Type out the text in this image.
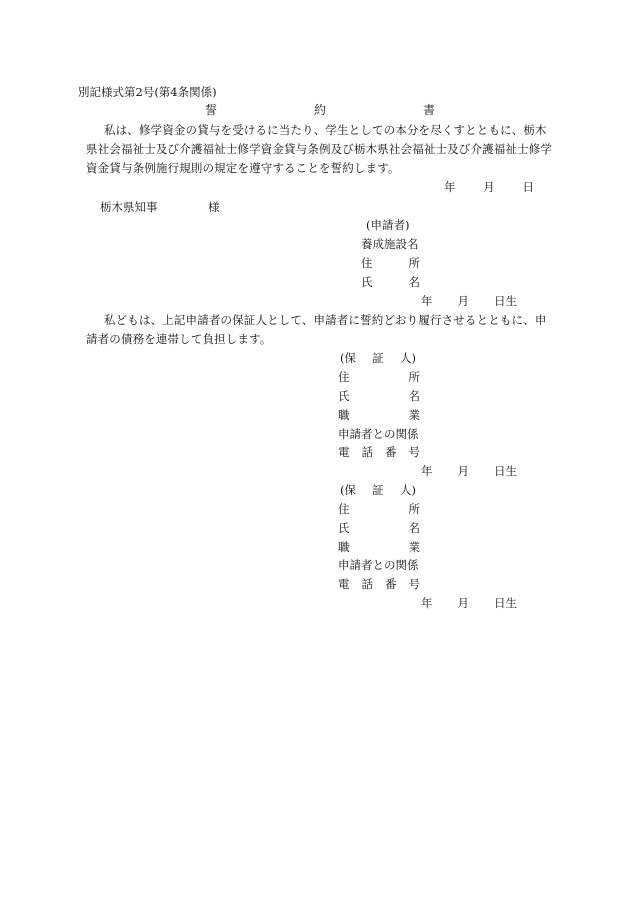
別記様式第2号(第4条関係)
誓	約	書
私は、修学資金の貸与を受けるに当たり、学生としての本分を尽くすとともに、栃木県社会福祉士及び介護福祉士修学資金貸与条例及び栃木県社会福祉士及び介護福祉士修学資金貸与条例施行規則の規定を遵守することを誓約します。
年 月 日
栃木県知事	様
(申請者)
養成施設名
住	所
氏	名
年 月 日生
私どもは、上記申請者の保証人として、申請者に誓約どおり履行させるとともに、申請者の債務を連帯して負担します。
(保 証 人)
住	所
氏	名
職	業
申請者との関係
電 話 番 号
年 月 日生
(保 証 人)
住	所
氏	名
職	業
申請者との関係
電 話 番 号
年 月 日生
